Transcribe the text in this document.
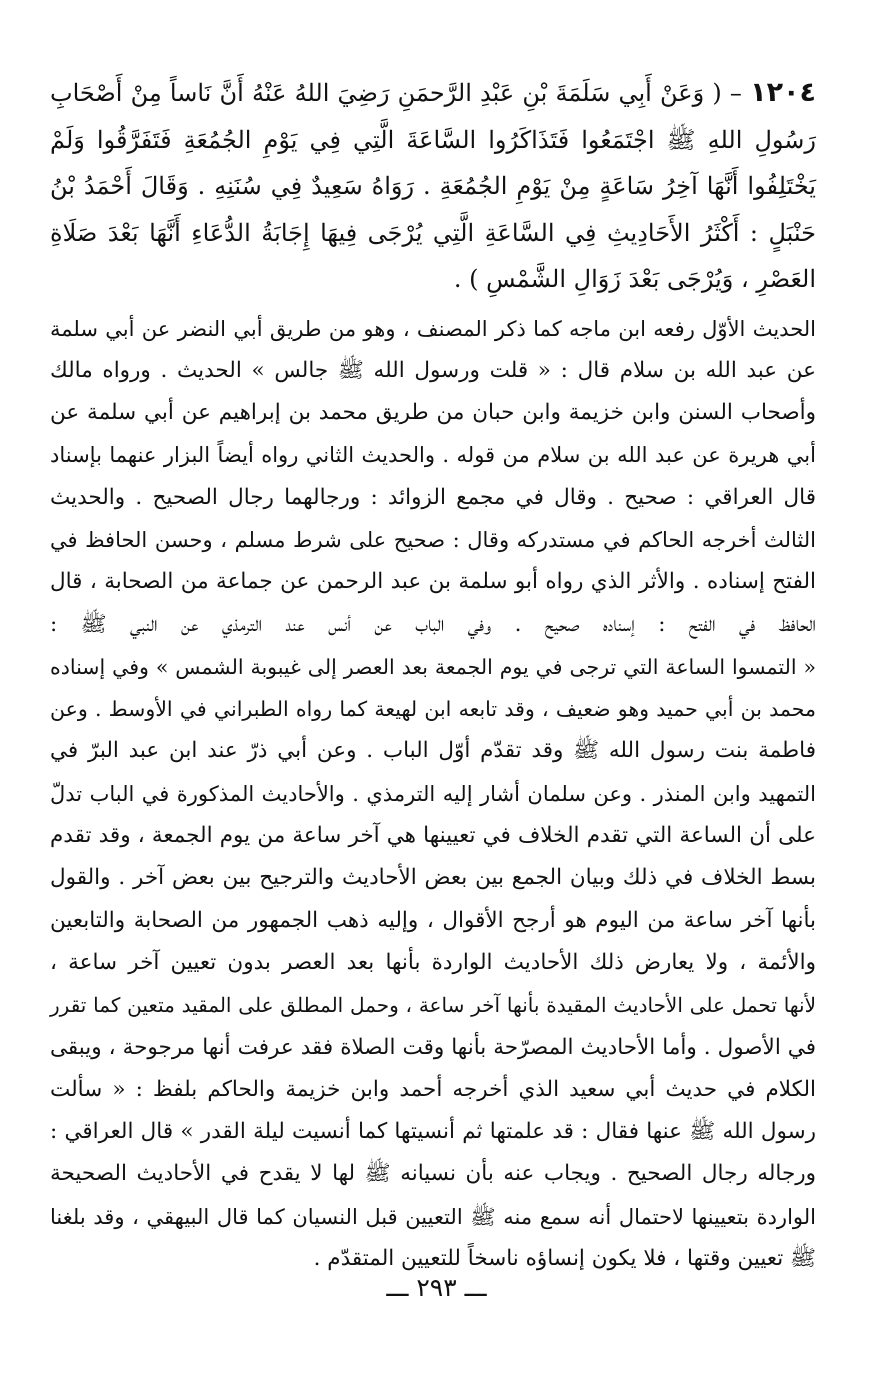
١٢٠٤ – ( وَعَنْ أَبِي سَلَمَةَ بْنِ عَبْدِ الرَّحمَنِ رَضِيَ اللهُ عَنْهُ أَنَّ نَاساً مِنْ أَصْحَابِ رَسُولِ اللهِ ﷺ اجْتَمَعُوا فَتَذَاكَرُوا السَّاعَةَ الَّتِي فِي يَوْمِ الجُمُعَةِ فَتَفَرَّقُوا وَلَمْ يَخْتَلِفُوا أَنَّهَا آخِرُ سَاعَةٍ مِنْ يَوْمِ الجُمُعَةِ . رَوَاهُ سَعِيدٌ فِي سُنَنِهِ . وَقَالَ أَحْمَدُ بْنُ حَنْبَلٍ : أَكْثَرُ الأَحَادِيثِ فِي السَّاعَةِ الَّتِي يُرْجَى فِيهَا إِجَابَةُ الدُّعَاءِ أَنَّهَا بَعْدَ صَلَاةِ العَصْرِ ، وَيُرْجَى بَعْدَ زَوَالِ الشَّمْسِ ) .

الحديث الأوّل رفعه ابن ماجه كما ذكر المصنف ، وهو من طريق أبي النضر عن أبي سلمة
عن عبد الله بن سلام قال : « قلت ورسول الله ﷺ جالس » الحديث . ورواه مالك
وأصحاب السنن وابن خزيمة وابن حبان من طريق محمد بن إبراهيم عن أبي سلمة عن
أبي هريرة عن عبد الله بن سلام من قوله . والحديث الثاني رواه أيضاً البزار عنهما بإسناد
قال العراقي : صحيح . وقال في مجمع الزوائد : ورجالهما رجال الصحيح . والحديث
الثالث أخرجه الحاكم في مستدركه وقال : صحيح على شرط مسلم ، وحسن الحافظ في
الفتح إسناده . والأثر الذي رواه أبو سلمة بن عبد الرحمن عن جماعة من الصحابة ، قال
الحافظ في الفتح : إسناده صحيح . وفي الباب عن أنس عند الترمذي عن النبي ﷺ :
« التمسوا الساعة التي ترجى في يوم الجمعة بعد العصر إلى غيبوبة الشمس » وفي إسناده
محمد بن أبي حميد وهو ضعيف ، وقد تابعه ابن لهيعة كما رواه الطبراني في الأوسط . وعن
فاطمة بنت رسول الله ﷺ وقد تقدّم أوّل الباب . وعن أبي ذرّ عند ابن عبد البرّ في
التمهيد وابن المنذر . وعن سلمان أشار إليه الترمذي . والأحاديث المذكورة في الباب تدلّ
على أن الساعة التي تقدم الخلاف في تعيينها هي آخر ساعة من يوم الجمعة ، وقد تقدم
بسط الخلاف في ذلك وبيان الجمع بين بعض الأحاديث والترجيح بين بعض آخر . والقول
بأنها آخر ساعة من اليوم هو أرجح الأقوال ، وإليه ذهب الجمهور من الصحابة والتابعين
والأئمة ، ولا يعارض ذلك الأحاديث الواردة بأنها بعد العصر بدون تعيين آخر ساعة ،
لأنها تحمل على الأحاديث المقيدة بأنها آخر ساعة ، وحمل المطلق على المقيد متعين كما تقرر
في الأصول . وأما الأحاديث المصرّحة بأنها وقت الصلاة فقد عرفت أنها مرجوحة ، ويبقى
الكلام في حديث أبي سعيد الذي أخرجه أحمد وابن خزيمة والحاكم بلفظ : « سألت
رسول الله ﷺ عنها فقال : قد علمتها ثم أنسيتها كما أنسيت ليلة القدر » قال العراقي :
ورجاله رجال الصحيح . ويجاب عنه بأن نسيانه ﷺ لها لا يقدح في الأحاديث الصحيحة
الواردة بتعيينها لاحتمال أنه سمع منه ﷺ التعيين قبل النسيان كما قال البيهقي ، وقد بلغنا
ﷺ تعيين وقتها ، فلا يكون إنساؤه ناسخاً للتعيين المتقدّم .
ـــ ٢٩٣ ـــ
